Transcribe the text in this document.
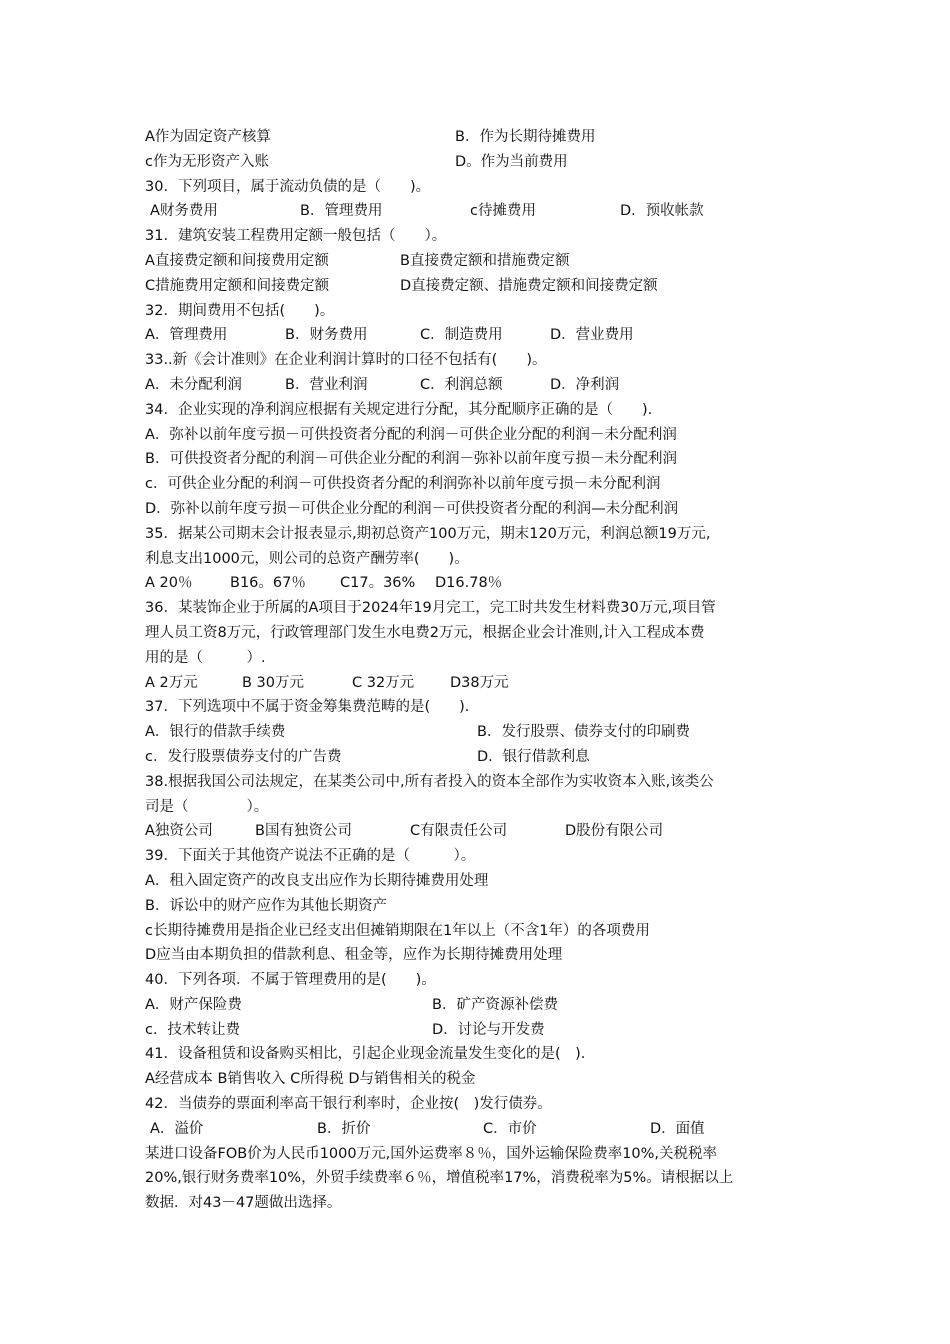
A作为固定资产核算	B．作为长期待摊费用
c作为无形资产入账	D。作为当前费用
30．下列项目，属于流动负债的是（　　)。
A财务费用	B．管理费用	c待摊费用	D．预收帐款
31．建筑安装工程费用定额一般包括（　　）。
A直接费定额和间接费用定额	B直接费定额和措施费定额
C措施费用定额和间接费定额	D直接费定额、措施费定额和间接费定额
32．期间费用不包括(　　)。
A．管理费用	B．财务费用	C．制造费用	D．营业费用
33..新《会计准则》在企业利润计算时的口径不包括有(　　)。
A．未分配利润	B．营业利润	C．利润总额	D．净利润
34．企业实现的净利润应根据有关规定进行分配，其分配顺序正确的是（　　).
A．弥补以前年度亏损－可供投资者分配的利润－可供企业分配的利润－未分配利润
B．可供投资者分配的利润－可供企业分配的利润－弥补以前年度亏损－未分配利润
c．可供企业分配的利润－可供投资者分配的利润弥补以前年度亏损－未分配利润
D．弥补以前年度亏损－可供企业分配的利润－可供投资者分配的利润—未分配利润
35．据某公司期末会计报表显示,期初总资产100万元，期末120万元，利润总额19万元,
利息支出1000元，则公司的总资产酬劳率(　　)。
A 20％	B16。67％ C17。36% D16.78％
36．某装饰企业于所属的A项目于2024年19月完工，完工时共发生材料费30万元,项目管
理人员工资8万元，行政管理部门发生水电费2万元，根据企业会计准则,计入工程成本费
用的是（　　　）.
A 2万元	B 30万元	C 32万元 D38万元
37．下列选项中不属于资金筹集费范畴的是(　　).
A．银行的借款手续费	B．发行股票、债券支付的印刷费
c．发行股票债券支付的广告费	D．银行借款利息
38.根据我国公司法规定，在某类公司中,所有者投入的资本全部作为实收资本入账,该类公
司是（　　　　）。
A独资公司	B国有独资公司	C有限责任公司	D股份有限公司
39．下面关于其他资产说法不正确的是（　　　）。
A．租入固定资产的改良支出应作为长期待摊费用处理
B．诉讼中的财产应作为其他长期资产
c长期待摊费用是指企业已经支出但摊销期限在1年以上（不含1年）的各项费用
D应当由本期负担的借款利息、租金等，应作为长期待摊费用处理
40．下列各项．不属于管理费用的是(　　)。
A．财产保险费	B．矿产资源补偿费
c．技术转让费	D．讨论与开发费
41．设备租赁和设备购买相比，引起企业现金流量发生变化的是(　).
A经营成本 B销售收入 C所得税 D与销售相关的税金
42．当债券的票面利率高干银行利率时，企业按(　)发行债券。
A．溢价	B．折价	C．市价	D．面值
某进口设备FOB价为人民币1000万元,国外运费率８％，国外运输保险费率10%,关税税率
20%,银行财务费率10%，外贸手续费率６％，增值税率17%，消费税率为5%。请根据以上
数据．对43－47题做出选择。
